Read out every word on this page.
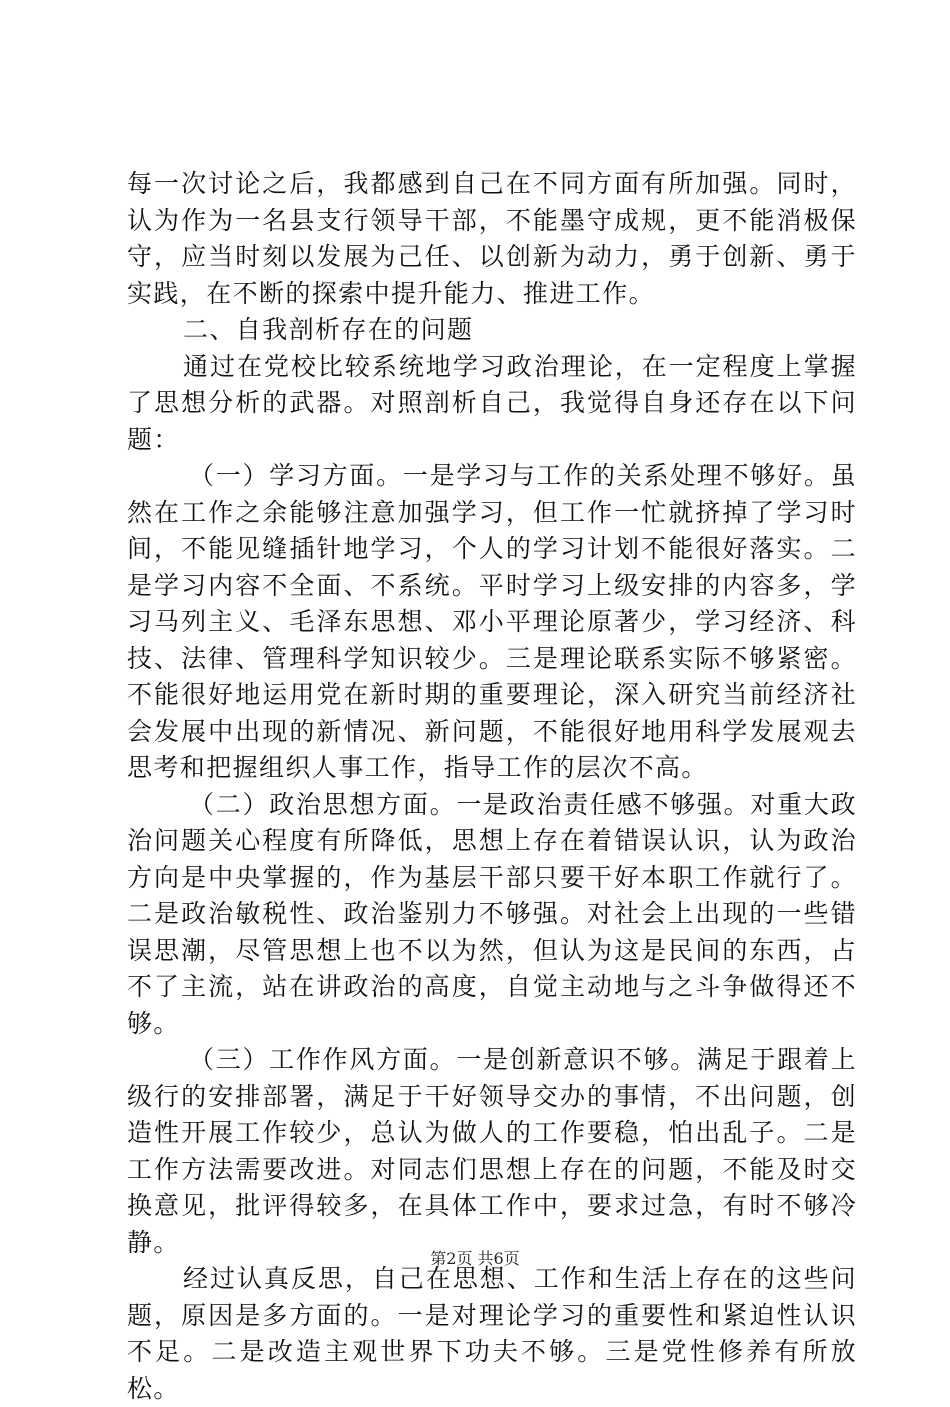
每一次讨论之后，我都感到自己在不同方面有所加强。同时，认为作为一名县支行领导干部，不能墨守成规，更不能消极保守，应当时刻以发展为己任、以创新为动力，勇于创新、勇于实践，在不断的探索中提升能力、推进工作。

二、自我剖析存在的问题

通过在党校比较系统地学习政治理论，在一定程度上掌握了思想分析的武器。对照剖析自己，我觉得自身还存在以下问题：

（一）学习方面。一是学习与工作的关系处理不够好。虽然在工作之余能够注意加强学习，但工作一忙就挤掉了学习时间，不能见缝插针地学习，个人的学习计划不能很好落实。二是学习内容不全面、不系统。平时学习上级安排的内容多，学习马列主义、毛泽东思想、邓小平理论原著少，学习经济、科技、法律、管理科学知识较少。三是理论联系实际不够紧密。不能很好地运用党在新时期的重要理论，深入研究当前经济社会发展中出现的新情况、新问题，不能很好地用科学发展观去思考和把握组织人事工作，指导工作的层次不高。

（二）政治思想方面。一是政治责任感不够强。对重大政治问题关心程度有所降低，思想上存在着错误认识，认为政治方向是中央掌握的，作为基层干部只要干好本职工作就行了。二是政治敏税性、政治鉴别力不够强。对社会上出现的一些错误思潮，尽管思想上也不以为然，但认为这是民间的东西，占不了主流，站在讲政治的高度，自觉主动地与之斗争做得还不够。

（三）工作作风方面。一是创新意识不够。满足于跟着上级行的安排部署，满足于干好领导交办的事情，不出问题，创造性开展工作较少，总认为做人的工作要稳，怕出乱子。二是工作方法需要改进。对同志们思想上存在的问题，不能及时交换意见，批评得较多，在具体工作中，要求过急，有时不够冷静。

经过认真反思，自己在思想、工作和生活上存在的这些问题，原因是多方面的。一是对理论学习的重要性和紧迫性认识不足。二是改造主观世界下功夫不够。三是党性修养有所放松。

第2页 共6页
